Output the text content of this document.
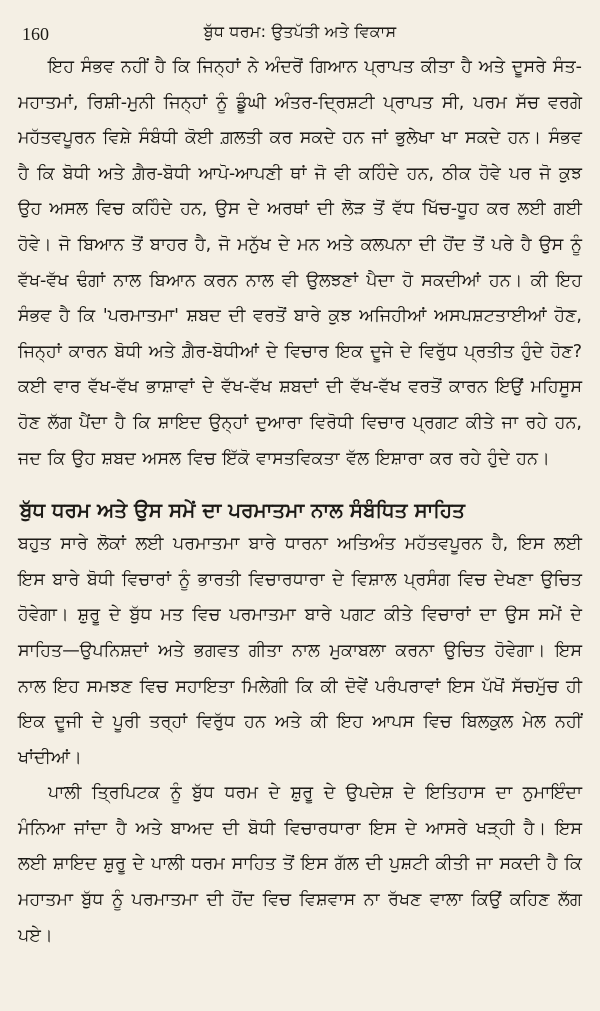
160	ਬੁੱਧ ਧਰਮ: ਉਤਪੱਤੀ ਅਤੇ ਵਿਕਾਸ

ਇਹ ਸੰਭਵ ਨਹੀਂ ਹੈ ਕਿ ਜਿਨ੍ਹਾਂ ਨੇ ਅੰਦਰੋਂ ਗਿਆਨ ਪ੍ਰਾਪਤ ਕੀਤਾ ਹੈ ਅਤੇ ਦੂਸਰੇ ਸੰਤ-ਮਹਾਤਮਾਂ, ਰਿਸ਼ੀ-ਮੁਨੀ ਜਿਨ੍ਹਾਂ ਨੂੰ ਡੂੰਘੀ ਅੰਤਰ-ਦ੍ਰਿਸ਼ਟੀ ਪ੍ਰਾਪਤ ਸੀ, ਪਰਮ ਸੱਚ ਵਰਗੇ ਮਹੱਤਵਪੂਰਨ ਵਿਸ਼ੇ ਸੰਬੰਧੀ ਕੋਈ ਗ਼ਲਤੀ ਕਰ ਸਕਦੇ ਹਨ ਜਾਂ ਭੁਲੇਖਾ ਖਾ ਸਕਦੇ ਹਨ। ਸੰਭਵ ਹੈ ਕਿ ਬੋਧੀ ਅਤੇ ਗ਼ੈਰ-ਬੋਧੀ ਆਪੋ-ਆਪਣੀ ਥਾਂ ਜੋ ਵੀ ਕਹਿੰਦੇ ਹਨ, ਠੀਕ ਹੋਵੇ ਪਰ ਜੋ ਕੁਝ ਉਹ ਅਸਲ ਵਿਚ ਕਹਿੰਦੇ ਹਨ, ਉਸ ਦੇ ਅਰਥਾਂ ਦੀ ਲੋੜ ਤੋਂ ਵੱਧ ਖਿੱਚ-ਧੂਹ ਕਰ ਲਈ ਗਈ ਹੋਵੇ। ਜੋ ਬਿਆਨ ਤੋਂ ਬਾਹਰ ਹੈ, ਜੋ ਮਨੁੱਖ ਦੇ ਮਨ ਅਤੇ ਕਲਪਨਾ ਦੀ ਹੋਂਦ ਤੋਂ ਪਰੇ ਹੈ ਉਸ ਨੂੰ ਵੱਖ-ਵੱਖ ਢੰਗਾਂ ਨਾਲ ਬਿਆਨ ਕਰਨ ਨਾਲ ਵੀ ਉਲਝਣਾਂ ਪੈਦਾ ਹੋ ਸਕਦੀਆਂ ਹਨ। ਕੀ ਇਹ ਸੰਭਵ ਹੈ ਕਿ 'ਪਰਮਾਤਮਾ' ਸ਼ਬਦ ਦੀ ਵਰਤੋਂ ਬਾਰੇ ਕੁਝ ਅਜਿਹੀਆਂ ਅਸਪਸ਼ਟਤਾਈਆਂ ਹੋਣ, ਜਿਨ੍ਹਾਂ ਕਾਰਨ ਬੋਧੀ ਅਤੇ ਗ਼ੈਰ-ਬੋਧੀਆਂ ਦੇ ਵਿਚਾਰ ਇਕ ਦੂਜੇ ਦੇ ਵਿਰੁੱਧ ਪ੍ਰਤੀਤ ਹੁੰਦੇ ਹੋਣ? ਕਈ ਵਾਰ ਵੱਖ-ਵੱਖ ਭਾਸ਼ਾਵਾਂ ਦੇ ਵੱਖ-ਵੱਖ ਸ਼ਬਦਾਂ ਦੀ ਵੱਖ-ਵੱਖ ਵਰਤੋਂ ਕਾਰਨ ਇਉਂ ਮਹਿਸੂਸ ਹੋਣ ਲੱਗ ਪੈਂਦਾ ਹੈ ਕਿ ਸ਼ਾਇਦ ਉਨ੍ਹਾਂ ਦੁਆਰਾ ਵਿਰੋਧੀ ਵਿਚਾਰ ਪ੍ਰਗਟ ਕੀਤੇ ਜਾ ਰਹੇ ਹਨ, ਜਦ ਕਿ ਉਹ ਸ਼ਬਦ ਅਸਲ ਵਿਚ ਇੱਕੋ ਵਾਸਤਵਿਕਤਾ ਵੱਲ ਇਸ਼ਾਰਾ ਕਰ ਰਹੇ ਹੁੰਦੇ ਹਨ।

ਬੁੱਧ ਧਰਮ ਅਤੇ ਉਸ ਸਮੇਂ ਦਾ ਪਰਮਾਤਮਾ ਨਾਲ ਸੰਬੰਧਿਤ ਸਾਹਿਤ

ਬਹੁਤ ਸਾਰੇ ਲੋਕਾਂ ਲਈ ਪਰਮਾਤਮਾ ਬਾਰੇ ਧਾਰਨਾ ਅਤਿਅੰਤ ਮਹੱਤਵਪੂਰਨ ਹੈ, ਇਸ ਲਈ ਇਸ ਬਾਰੇ ਬੋਧੀ ਵਿਚਾਰਾਂ ਨੂੰ ਭਾਰਤੀ ਵਿਚਾਰਧਾਰਾ ਦੇ ਵਿਸ਼ਾਲ ਪ੍ਰਸੰਗ ਵਿਚ ਦੇਖਣਾ ਉਚਿਤ ਹੋਵੇਗਾ। ਸ਼ੁਰੂ ਦੇ ਬੁੱਧ ਮਤ ਵਿਚ ਪਰਮਾਤਮਾ ਬਾਰੇ ਪਗਟ ਕੀਤੇ ਵਿਚਾਰਾਂ ਦਾ ਉਸ ਸਮੇਂ ਦੇ ਸਾਹਿਤ—ਉਪਨਿਸ਼ਦਾਂ ਅਤੇ ਭਗਵਤ ਗੀਤਾ ਨਾਲ ਮੁਕਾਬਲਾ ਕਰਨਾ ਉਚਿਤ ਹੋਵੇਗਾ। ਇਸ ਨਾਲ ਇਹ ਸਮਝਣ ਵਿਚ ਸਹਾਇਤਾ ਮਿਲੇਗੀ ਕਿ ਕੀ ਦੋਵੇਂ ਪਰੰਪਰਾਵਾਂ ਇਸ ਪੱਖੋਂ ਸੱਚਮੁੱਚ ਹੀ ਇਕ ਦੂਜੀ ਦੇ ਪੂਰੀ ਤਰ੍ਹਾਂ ਵਿਰੁੱਧ ਹਨ ਅਤੇ ਕੀ ਇਹ ਆਪਸ ਵਿਚ ਬਿਲਕੁਲ ਮੇਲ ਨਹੀਂ ਖਾਂਦੀਆਂ।

ਪਾਲੀ ਤ੍ਰਿਪਿਟਕ ਨੂੰ ਬੁੱਧ ਧਰਮ ਦੇ ਸ਼ੁਰੂ ਦੇ ਉਪਦੇਸ਼ ਦੇ ਇਤਿਹਾਸ ਦਾ ਨੁਮਾਇੰਦਾ ਮੰਨਿਆ ਜਾਂਦਾ ਹੈ ਅਤੇ ਬਾਅਦ ਦੀ ਬੋਧੀ ਵਿਚਾਰਧਾਰਾ ਇਸ ਦੇ ਆਸਰੇ ਖੜ੍ਹੀ ਹੈ। ਇਸ ਲਈ ਸ਼ਾਇਦ ਸ਼ੁਰੂ ਦੇ ਪਾਲੀ ਧਰਮ ਸਾਹਿਤ ਤੋਂ ਇਸ ਗੱਲ ਦੀ ਪੁਸ਼ਟੀ ਕੀਤੀ ਜਾ ਸਕਦੀ ਹੈ ਕਿ ਮਹਾਤਮਾ ਬੁੱਧ ਨੂੰ ਪਰਮਾਤਮਾ ਦੀ ਹੋਂਦ ਵਿਚ ਵਿਸ਼ਵਾਸ ਨਾ ਰੱਖਣ ਵਾਲਾ ਕਿਉਂ ਕਹਿਣ ਲੱਗ ਪਏ।
